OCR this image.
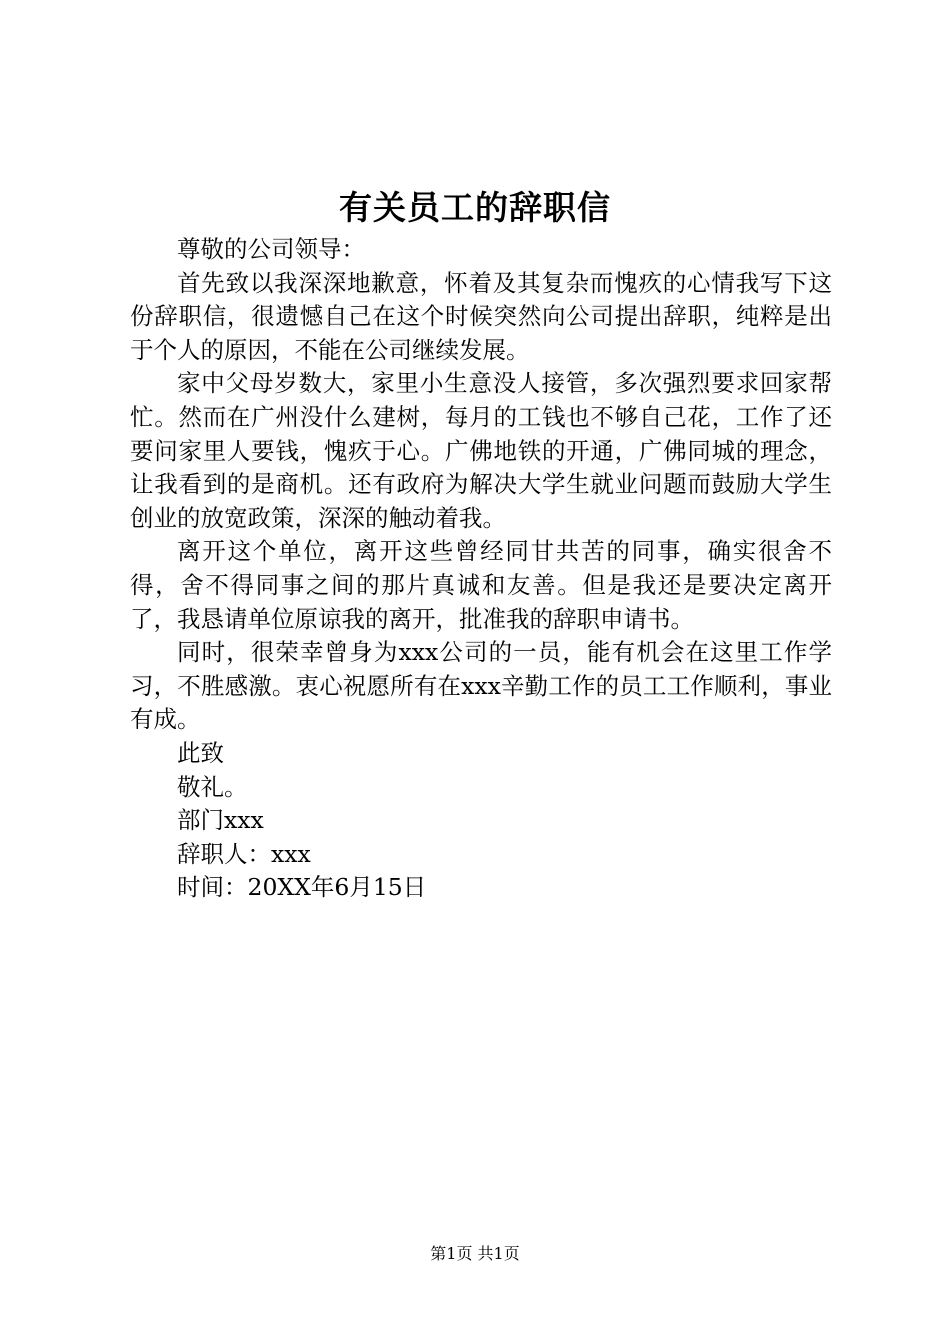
有关员工的辞职信

尊敬的公司领导：

首先致以我深深地歉意，怀着及其复杂而愧疚的心情我写下这份辞职信，很遗憾自己在这个时候突然向公司提出辞职，纯粹是出于个人的原因，不能在公司继续发展。

家中父母岁数大，家里小生意没人接管，多次强烈要求回家帮忙。然而在广州没什么建树，每月的工钱也不够自己花，工作了还要问家里人要钱，愧疚于心。广佛地铁的开通，广佛同城的理念，让我看到的是商机。还有政府为解决大学生就业问题而鼓励大学生创业的放宽政策，深深的触动着我。

离开这个单位，离开这些曾经同甘共苦的同事，确实很舍不得，舍不得同事之间的那片真诚和友善。但是我还是要决定离开了，我恳请单位原谅我的离开，批准我的辞职申请书。

同时，很荣幸曾身为xxx公司的一员，能有机会在这里工作学习，不胜感激。衷心祝愿所有在xxx辛勤工作的员工工作顺利，事业有成。

此致

敬礼。

部门xxx

辞职人：xxx

时间：20XX年6月15日

第1页 共1页
